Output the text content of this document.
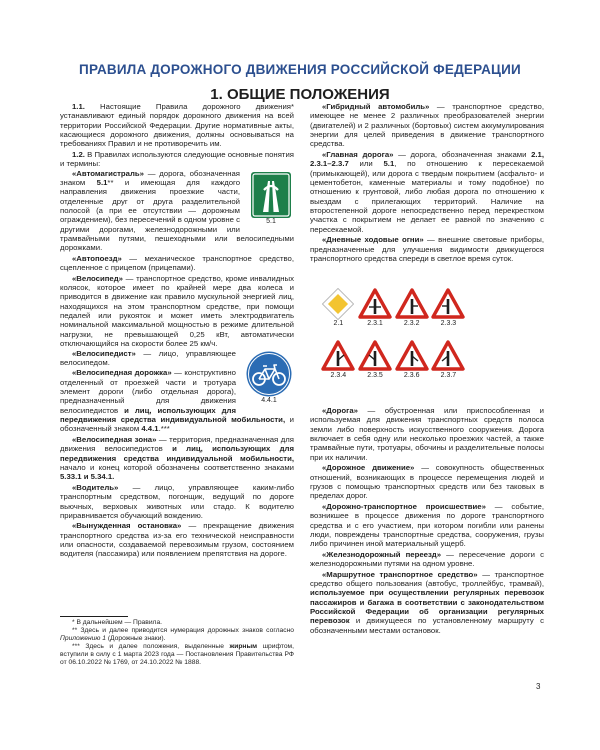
ПРАВИЛА ДОРОЖНОГО ДВИЖЕНИЯ РОССИЙСКОЙ ФЕДЕРАЦИИ
1. ОБЩИЕ ПОЛОЖЕНИЯ

1.1. Настоящие Правила дорожного движения* устанавливают единый порядок дорожного движения на всей территории Российской Федерации. Другие нормативные акты, касающиеся дорожного движения, должны основываться на требованиях Правил и не противоречить им.

1.2. В Правилах используются следующие основные понятия и термины:

5.1

«Автомагистраль» — дорога, обозначенная знаком 5.1** и имеющая для каждого направления движения проезжие части, отделенные друг от друга разделительной полосой (а при ее отсутствии — дорожным ограждением), без пересечений в одном уровне с другими дорогами, железнодорожными или трамвайными путями, пешеходными или велосипедными дорожками.

«Автопоезд» — механическое транспортное средство, сцепленное с прицепом (прицепами).

«Велосипед» — транспортное средство, кроме инвалидных колясок, которое имеет по крайней мере два колеса и приводится в движение как правило мускульной энергией лиц, находящихся на этом транспортном средстве, при помощи педалей или рукояток и может иметь электродвигатель номинальной максимальной мощностью в режиме длительной нагрузки, не превышающей 0,25 кВт, автоматически отключающийся на скорости более 25 км/ч.

4.4.1

«Велосипедист» — лицо, управляющее велосипедом.

«Велосипедная дорожка» — конструктивно отделенный от проезжей части и тротуара элемент дороги (либо отдельная дорога), предназначенный для движения велосипедистов и лиц, использующих для передвижения средства индивидуальной мобильности, и обозначенный знаком 4.4.1.***

«Велосипедная зона» — территория, предназначенная для движения велосипедистов и лиц, использующих для передвижения средства индивидуальной мобильности, начало и конец которой обозначены соответственно знаками 5.33.1 и 5.34.1.

«Водитель» — лицо, управляющее каким-либо транспортным средством, погонщик, ведущий по дороге вьючных, верховых животных или стадо. К водителю приравнивается обучающий вождению.

«Вынужденная остановка» — прекращение движения транспортного средства из-за его технической неисправности или опасности, создаваемой перевозимым грузом, состоянием водителя (пассажира) или появлением препятствия на дороге.

* В дальнейшем — Правила.

** Здесь и далее приводится нумерация дорожных знаков согласно Приложению 1 (Дорожные знаки).

*** Здесь и далее положения, выделенные жирным шрифтом, вступили в силу с 1 марта 2023 года — Постановления Правительства РФ от 06.10.2022 № 1769, от 24.10.2022 № 1888.

«Гибридный автомобиль» — транспортное средство, имеющее не менее 2 различных преобразователей энергии (двигателей) и 2 различных (бортовых) систем аккумулирования энергии для целей приведения в движение транспортного средства.

«Главная дорога» — дорога, обозначенная знаками 2.1, 2.3.1–2.3.7 или 5.1, по отношению к пересекаемой (примыкающей), или дорога с твердым покрытием (асфальто- и цементобетон, каменные материалы и тому подобное) по отношению к грунтовой, либо любая дорога по отношению к выездам с прилегающих территорий. Наличие на второстепенной дороге непосредственно перед перекрестком участка с покрытием не делает ее равной по значению с пересекаемой.

«Дневные ходовые огни» — внешние световые приборы, предназначенные для улучшения видимости движущегося транспортного средства спереди в светлое время суток.

2.1	2.3.1	2.3.2	2.3.3
2.3.4	2.3.5	2.3.6	2.3.7

«Дорога» — обустроенная или приспособленная и используемая для движения транспортных средств полоса земли либо поверхность искусственного сооружения. Дорога включает в себя одну или несколько проезжих частей, а также трамвайные пути, тротуары, обочины и разделительные полосы при их наличии.

«Дорожное движение» — совокупность общественных отношений, возникающих в процессе перемещения людей и грузов с помощью транспортных средств или без таковых в пределах дорог.

«Дорожно-транспортное происшествие» — событие, возникшее в процессе движения по дороге транспортного средства и с его участием, при котором погибли или ранены люди, повреждены транспортные средства, сооружения, грузы либо причинен иной материальный ущерб.

«Железнодорожный переезд» — пересечение дороги с железнодорожными путями на одном уровне.

«Маршрутное транспортное средство» — транспортное средство общего пользования (автобус, троллейбус, трамвай), используемое при осуществлении регулярных перевозок пассажиров и багажа в соответствии с законодательством Российской Федерации об организации регулярных перевозок и движущееся по установленному маршруту с обозначенными местами остановок.

3
